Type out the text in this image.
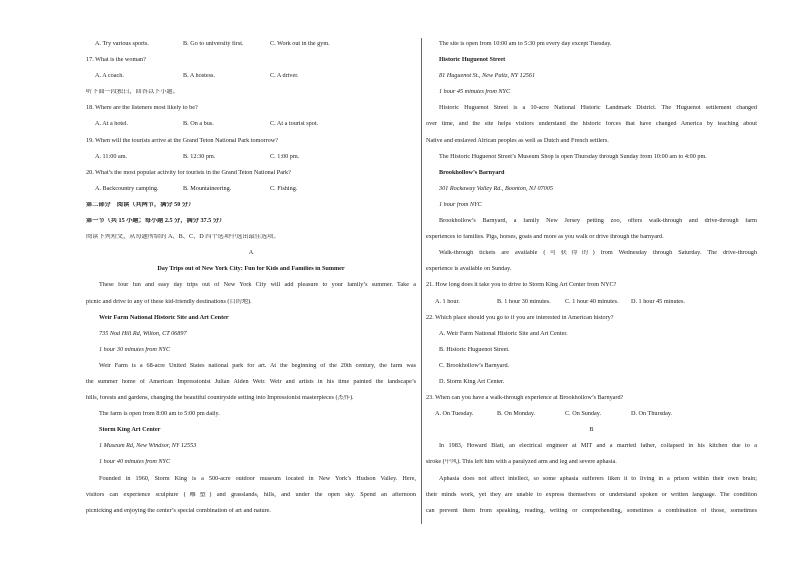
A. Try various sports.	B. Go to university first.	C. Work out in the gym.
17. What is the woman?
A. A coach.	B. A hostess.	C. A driver.
听下面一段独白，回答以下小题。
18. Where are the listeners most likely to be?
A. At a hotel.	B. On a bus.	C. At a tourist spot.
19. When will the tourists arrive at the Grand Teton National Park tomorrow?
A. 11:00 am.	B. 12:30 pm.	C. 1:00 pm.
20. What’s the most popular activity for tourists in the Grand Teton National Park?
A. Backcountry camping.	B. Mountaineering.	C. Fishing.
第二部分　阅读（共两节，满分 50 分）
第一节（共 15 小题；每小题 2.5 分，满分 37.5 分）
阅读下列短文，从每题所给的 A、B、C、D 四个选项中选出最佳选项。
A
Day Trips out of New York City: Fun for Kids and Families in Summer
These four fun and easy day trips out of New York City will add pleasure to your family’s summer. Take a
picnic and drive to any of these kid-friendly destinations (目的地).
Weir Farm National Historic Site and Art Center
735 Nod Hill Rd, Wilton, CT 06897
1 hour 30 minutes from NYC
Weir Farm is a 68-acre United States national park for art. At the beginning of the 20th century, the farm was
the summer home of American Impressionist Julian Alden Weir. Weir and artists in his time painted the landscape’s
hills, forests and gardens, changing the beautiful countryside setting into Impressionist masterpieces (杰作).
The farm is open from 8:00 am to 5:00 pm daily.
Storm King Art Center
1 Museum Rd, New Windsor, NY 12553
1 hour 40 minutes from NYC
Founded in 1960, Storm King is a 500-acre outdoor museum located in New York’s Hudson Valley. Here,
visitors can experience sculpture (雕塑) and grasslands, hills, and under the open sky. Spend an afternoon
picnicking and enjoying the center’s special combination of art and nature.
The site is open from 10:00 am to 5:30 pm every day except Tuesday.
Historic Huguenot Street
81 Huguenot St., New Paltz, NY 12561
1 hour 45 minutes from NYC
Historic Huguenot Street is a 10-acre National Historic Landmark District. The Huguenot settlement changed
over time, and the site helps visitors understand the historic forces that have changed America by teaching about
Native and enslaved African peoples as well as Dutch and French settlers.
The Historic Huguenot Street’s Museum Shop is open Thursday through Sunday from 10:00 am to 4:00 pm.
Brookhollow’s Barnyard
301 Rockaway Valley Rd., Boonton, NJ 07005
1 hour from NYC
Brookhollow’s Barnyard, a family New Jersey petting zoo, offers walk-through and drive-through farm
experiences to families. Pigs, horses, goats and more as you walk or drive through the barnyard.
Walk-through tickets are available (可获得的) from Wednesday through Saturday. The drive-through
experience is available on Sunday.
21. How long does it take you to drive to Storm King Art Center from NYC?
A. 1 hour.	B. 1 hour 30 minutes. C. 1 hour 40 minutes. D. 1 hour 45 minutes.
22. Which place should you go to if you are interested in American history?
A. Weir Farm National Historic Site and Art Center.
B. Historic Huguenot Street.
C. Brookhollow’s Barnyard.
D. Storm King Art Center.
23. When can you have a walk-through experience at Brookhollow’s Barnyard?
A. On Tuesday.	B. On Monday.	C. On Sunday.	D. On Thursday.
B
In 1983, Howard Blatt, an electrical engineer at MIT and a married father, collapsed in his kitchen due to a
stroke (中风). This left him with a paralyzed arm and leg and severe aphasia.
Aphasia does not affect intellect, so some aphasia sufferers liken it to living in a prison within their own brain;
their minds work, yet they are unable to express themselves or understand spoken or written language. The condition
can prevent them from speaking, reading, writing or comprehending, sometimes a combination of those, sometimes
